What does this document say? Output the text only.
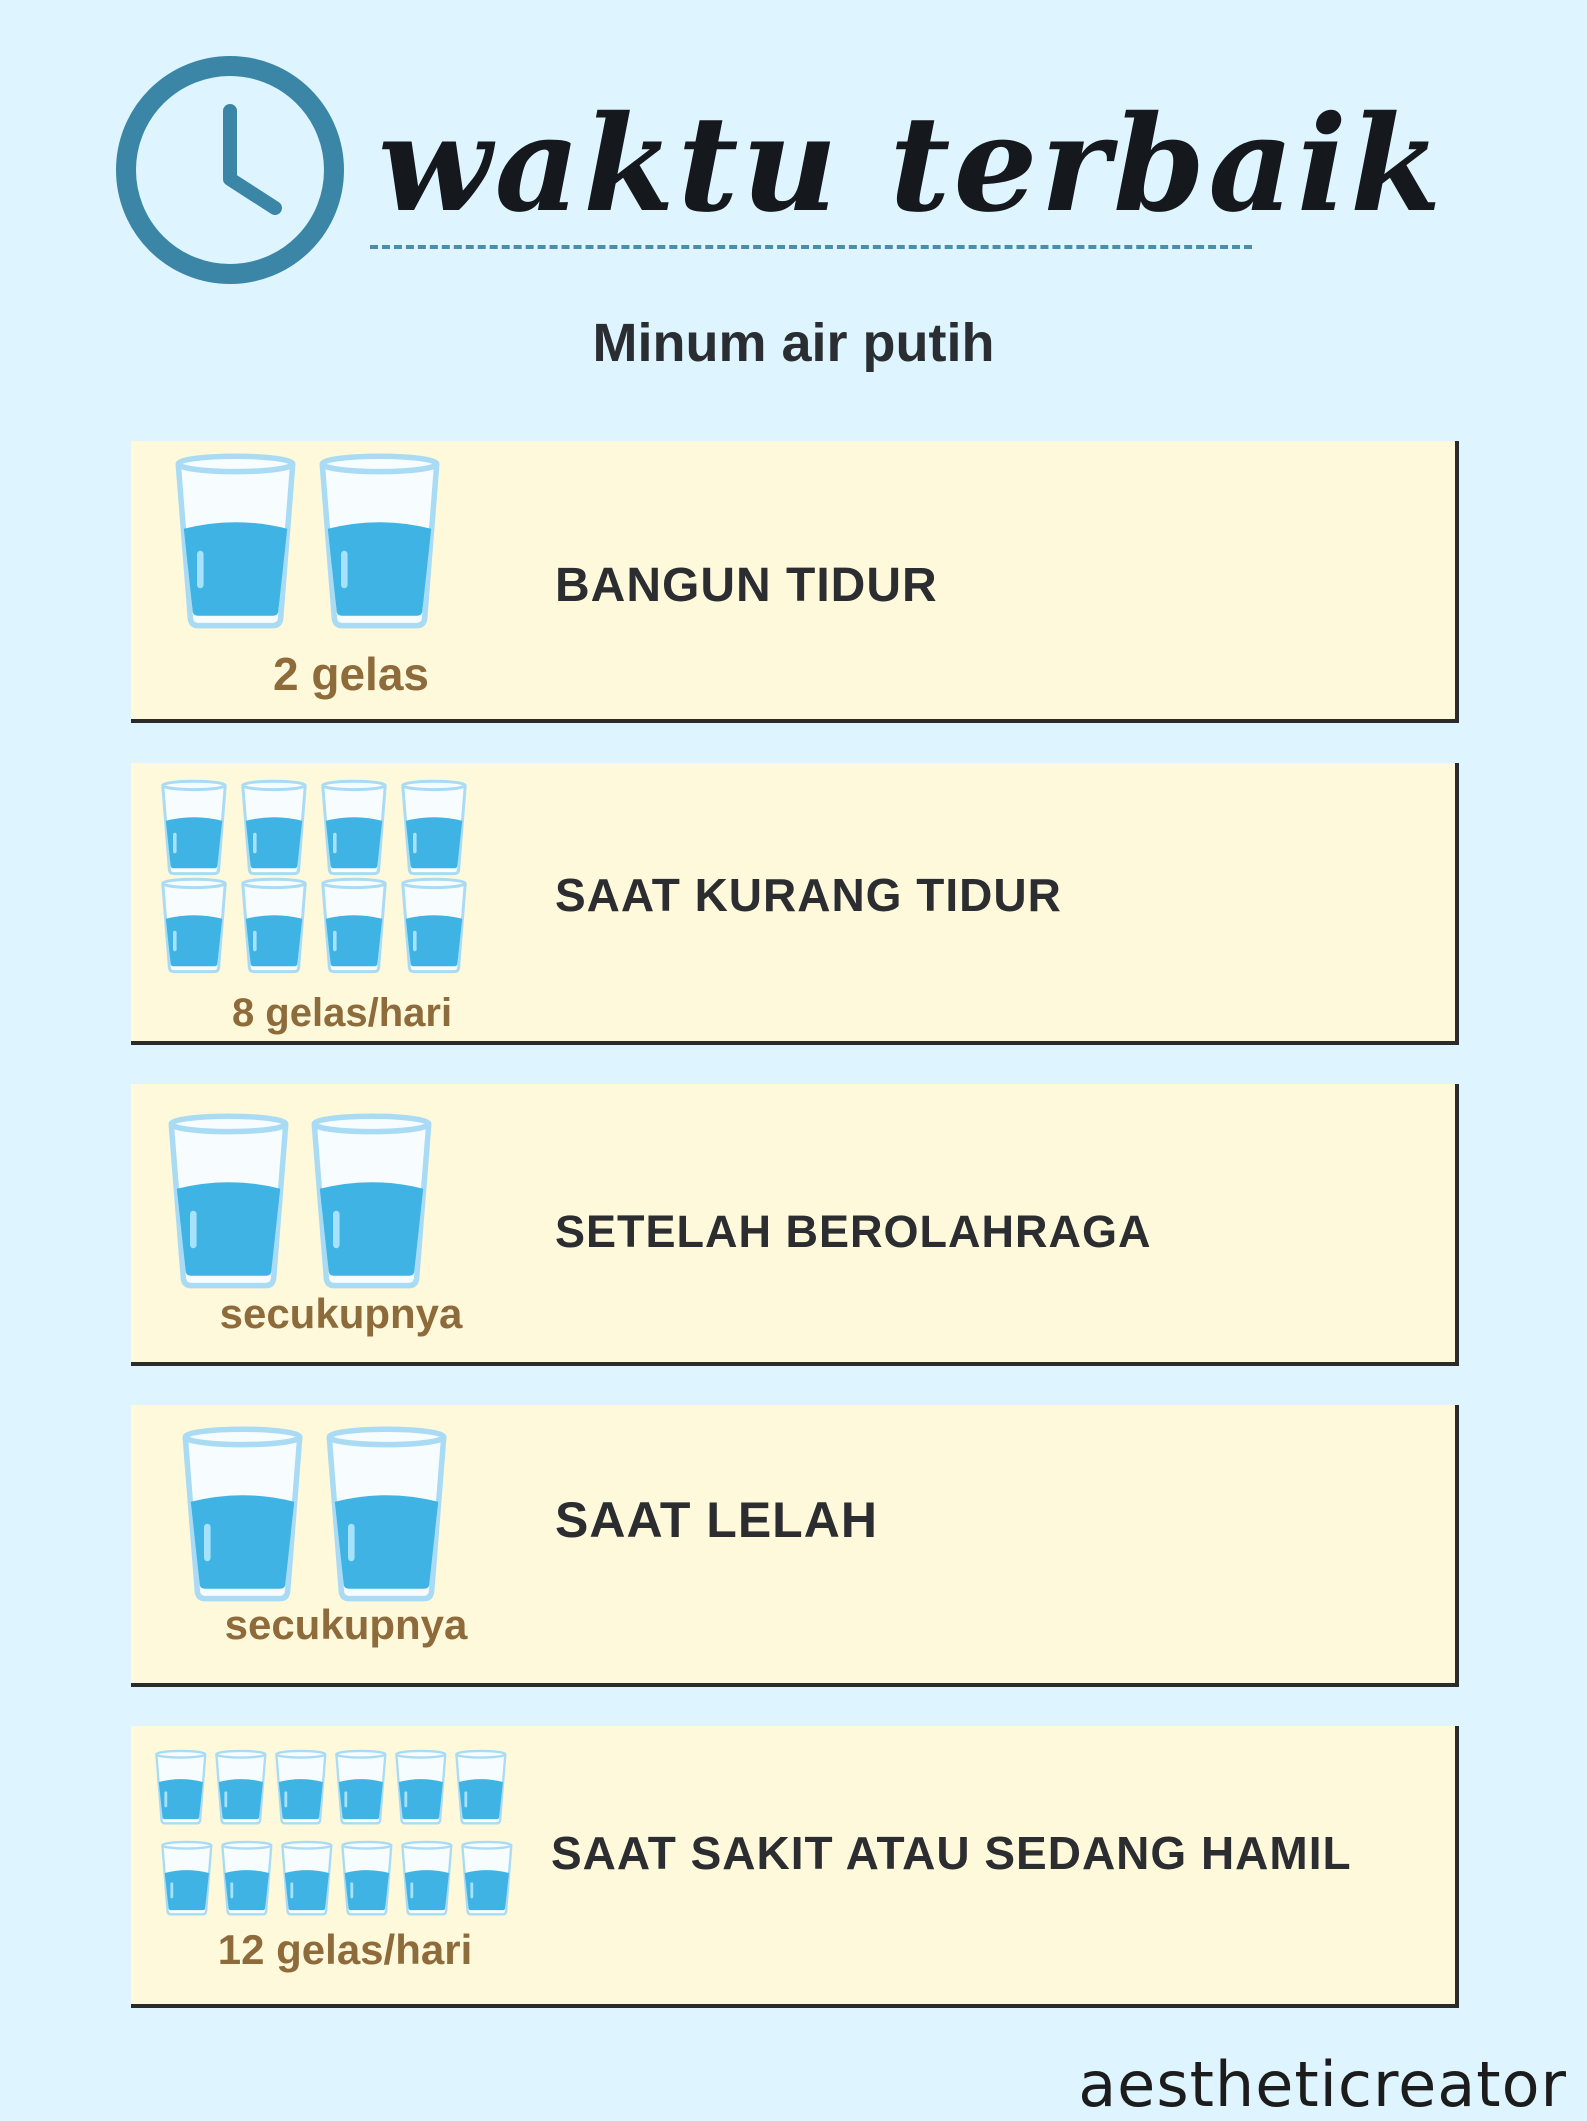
waktu terbaik
Minum air putih
2 gelas
BANGUN TIDUR
8 gelas/hari
SAAT KURANG TIDUR
secukupnya
SETELAH BEROLAHRAGA
secukupnya
SAAT LELAH
12 gelas/hari
SAAT SAKIT ATAU SEDANG HAMIL
aestheticreator
